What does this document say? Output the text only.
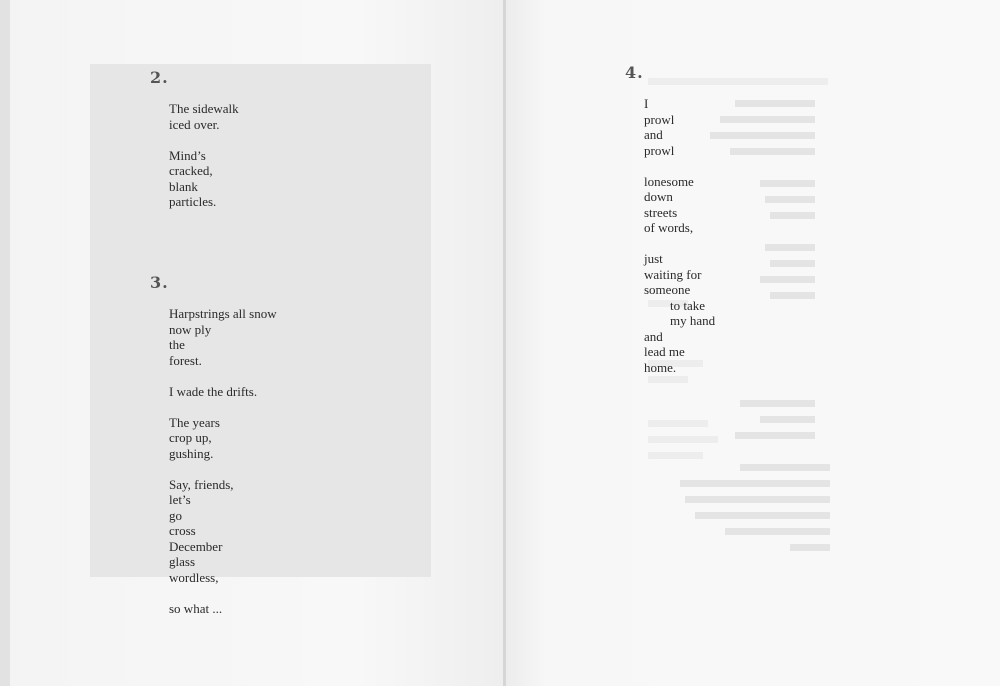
2.
The sidewalk
iced over.
Mind’s
cracked,
blank
particles.
3.
Harpstrings all snow
now ply
the
forest.
I wade the drifts.
The years
crop up,
gushing.
Say, friends,
let’s
go
cross
December
glass
wordless,
so what ...
4.
I
prowl
and
prowl
lonesome
down
streets
of words,
just
waiting for
someone
to take
my hand
and
lead me
home.
